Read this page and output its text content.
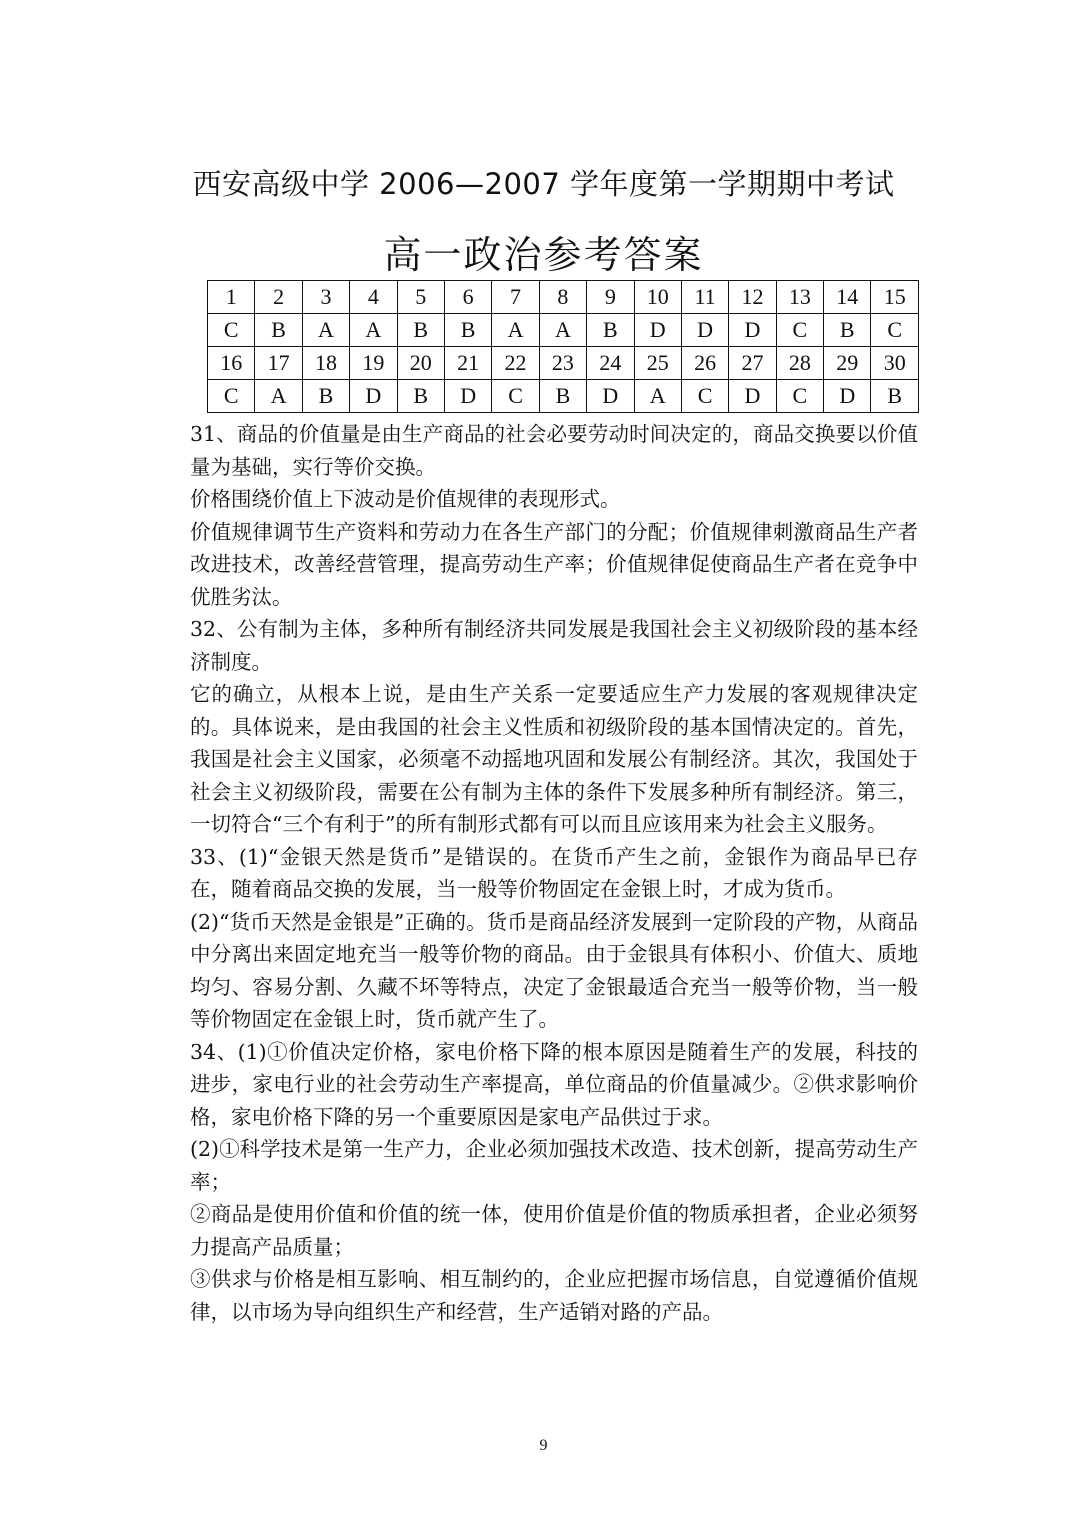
西安高级中学 2006—2007 学年度第一学期期中考试
高一政治参考答案
1	2	3	4	5	6	7	8	9	10	11	12	13	14	15
C	B	A	A	B	B	A	A	B	D	D	D	C	B	C
16	17	18	19	20	21	22	23	24	25	26	27	28	29	30
C	A	B	D	B	D	C	B	D	A	C	D	C	D	B

31、商品的价值量是由生产商品的社会必要劳动时间决定的，商品交换要以价值量为基础，实行等价交换。

价格围绕价值上下波动是价值规律的表现形式。

价值规律调节生产资料和劳动力在各生产部门的分配；价值规律刺激商品生产者改进技术，改善经营管理，提高劳动生产率；价值规律促使商品生产者在竞争中优胜劣汰。

32、公有制为主体，多种所有制经济共同发展是我国社会主义初级阶段的基本经济制度。

它的确立，从根本上说，是由生产关系一定要适应生产力发展的客观规律决定的。具体说来，是由我国的社会主义性质和初级阶段的基本国情决定的。首先，我国是社会主义国家，必须毫不动摇地巩固和发展公有制经济。其次，我国处于社会主义初级阶段，需要在公有制为主体的条件下发展多种所有制经济。第三，一切符合“三个有利于”的所有制形式都有可以而且应该用来为社会主义服务。

33、(1)“金银天然是货币”是错误的。在货币产生之前，金银作为商品早已存在，随着商品交换的发展，当一般等价物固定在金银上时，才成为货币。

(2)“货币天然是金银是”正确的。货币是商品经济发展到一定阶段的产物，从商品中分离出来固定地充当一般等价物的商品。由于金银具有体积小、价值大、质地均匀、容易分割、久藏不坏等特点，决定了金银最适合充当一般等价物，当一般等价物固定在金银上时，货币就产生了。

34、(1)①价值决定价格，家电价格下降的根本原因是随着生产的发展，科技的进步，家电行业的社会劳动生产率提高，单位商品的价值量减少。②供求影响价格，家电价格下降的另一个重要原因是家电产品供过于求。

(2)①科学技术是第一生产力，企业必须加强技术改造、技术创新，提高劳动生产率；

②商品是使用价值和价值的统一体，使用价值是价值的物质承担者，企业必须努力提高产品质量；

③供求与价格是相互影响、相互制约的，企业应把握市场信息，自觉遵循价值规律，以市场为导向组织生产和经营，生产适销对路的产品。

9
